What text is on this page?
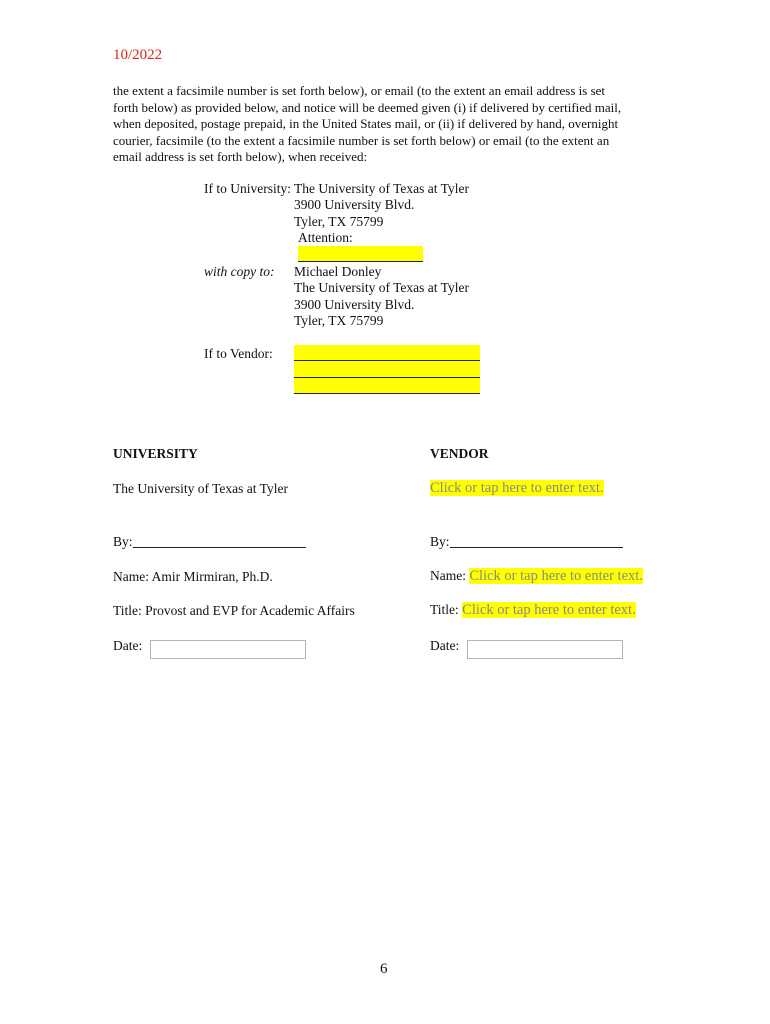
10/2022
the extent a facsimile number is set forth below), or email (to the extent an email address is set
forth below) as provided below, and notice will be deemed given (i) if delivered by certified mail,
when deposited, postage prepaid, in the United States mail, or (ii) if delivered by hand, overnight
courier, facsimile (to the extent a facsimile number is set forth below) or email (to the extent an
email address is set forth below), when received:
If to University: The University of Texas at Tyler
3900 University Blvd.
Tyler, TX 75799
Attention:
with copy to: Michael Donley
The University of Texas at Tyler
3900 University Blvd.
Tyler, TX 75799
If to Vendor:
UNIVERSITY
The University of Texas at Tyler
By:
Name: Amir Mirmiran, Ph.D.
Title: Provost and EVP for Academic Affairs
Date:
VENDOR
Click or tap here to enter text.
By:
Name: Click or tap here to enter text.
Title: Click or tap here to enter text.
Date:
6
